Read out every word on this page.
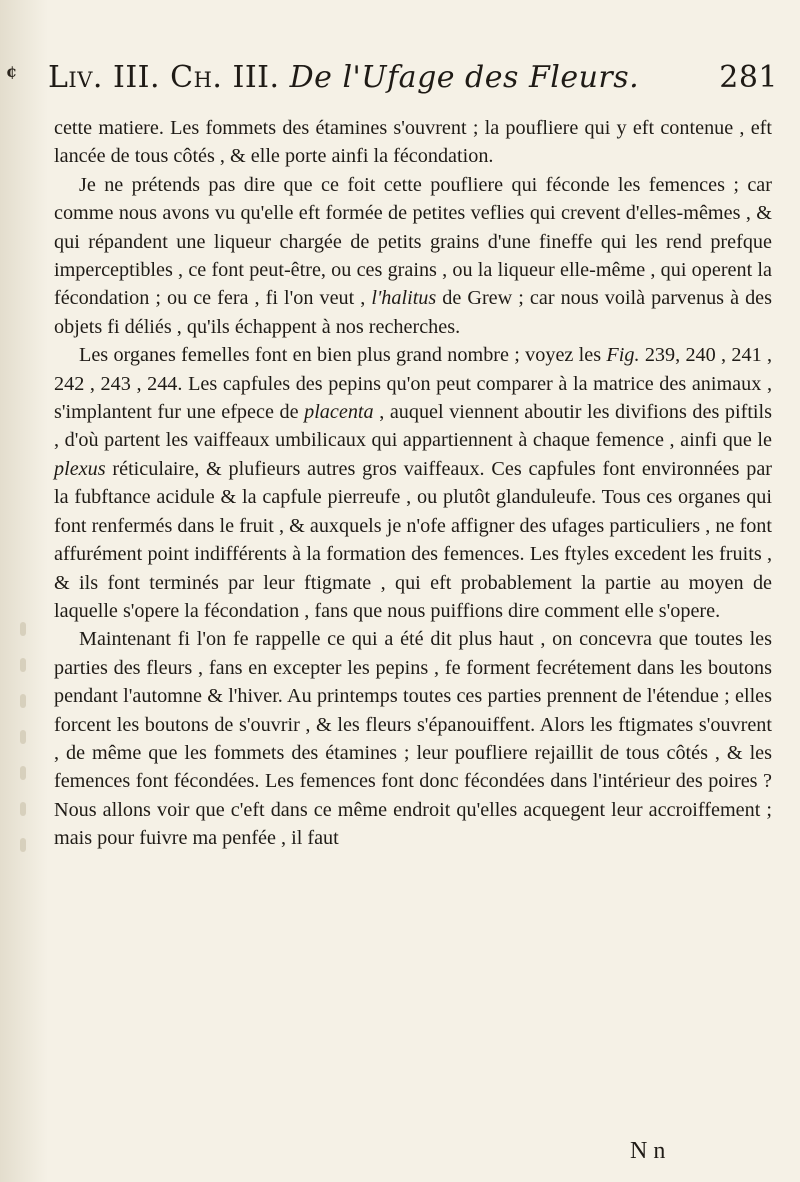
¢ Liv. III. Ch. III. De l'Ufage des Fleurs.	281

cette matiere. Les fommets des étamines s'ouvrent ; la poufliere qui y eft contenue , eft lancée de tous côtés , & elle porte ainfi la fécondation.

Je ne prétends pas dire que ce foit cette poufliere qui féconde les femences ; car comme nous avons vu qu'elle eft formée de petites veflies qui crevent d'elles-mêmes , & qui répandent une liqueur chargée de petits grains d'une fineffe qui les rend prefque imperceptibles , ce font peut-être, ou ces grains , ou la liqueur elle-même , qui operent la fécondation ; ou ce fera , fi l'on veut , l'halitus de Grew ; car nous voilà parvenus à des objets fi déliés , qu'ils échappent à nos recherches.

Les organes femelles font en bien plus grand nombre ; voyez les Fig. 239, 240 , 241 , 242 , 243 , 244. Les capfules des pepins qu'on peut comparer à la matrice des animaux , s'implantent fur une efpece de placenta , auquel viennent aboutir les divifions des piftils , d'où partent les vaiffeaux umbilicaux qui appartiennent à chaque femence , ainfi que le plexus réticulaire, & plufieurs autres gros vaiffeaux. Ces capfules font environnées par la fubftance acidule & la capfule pierreufe , ou plutôt glanduleufe. Tous ces organes qui font renfermés dans le fruit , & auxquels je n'ofe affigner des ufages particuliers , ne font affurément point indifférents à la formation des femences. Les ftyles excedent les fruits , & ils font terminés par leur ftigmate , qui eft probablement la partie au moyen de laquelle s'opere la fécondation , fans que nous puiffions dire comment elle s'opere.

Maintenant fi l'on fe rappelle ce qui a été dit plus haut , on concevra que toutes les parties des fleurs , fans en excepter les pepins , fe forment fecrétement dans les boutons pendant l'automne & l'hiver. Au printemps toutes ces parties prennent de l'étendue ; elles forcent les boutons de s'ouvrir , & les fleurs s'épanouiffent. Alors les ftigmates s'ouvrent , de même que les fommets des étamines ; leur poufliere rejaillit de tous côtés , & les femences font fécondées. Les femences font donc fécondées dans l'intérieur des poires ? Nous allons voir que c'eft dans ce même endroit qu'elles acquegent leur accroiffement ; mais pour fuivre ma penfée , il faut

N n
